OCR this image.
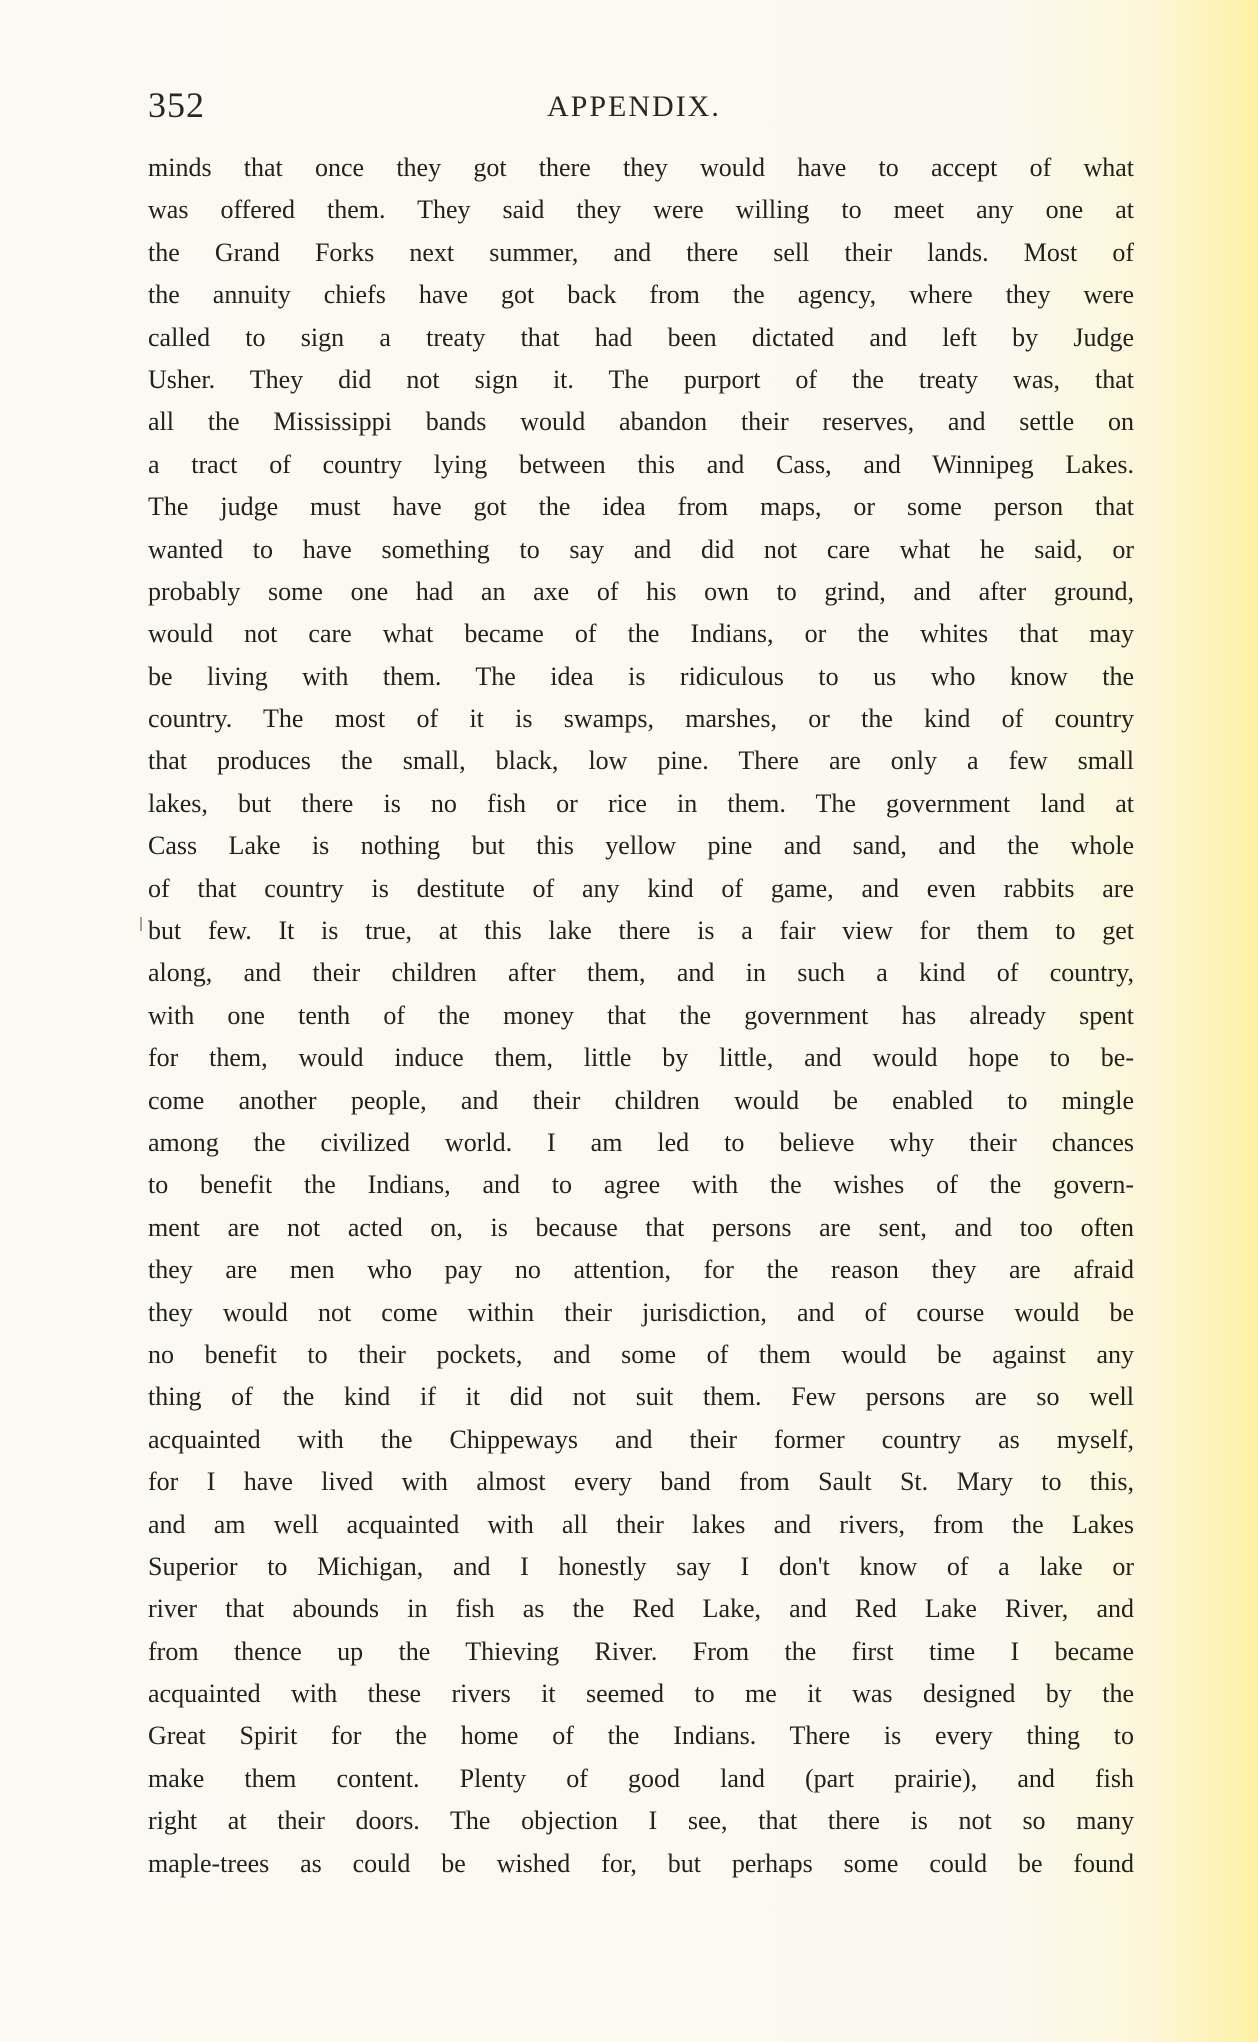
352	APPENDIX.
minds that once they got there they would have to accept of what
was offered them. They said they were willing to meet any one at
the Grand Forks next summer, and there sell their lands. Most of
the annuity chiefs have got back from the agency, where they were
called to sign a treaty that had been dictated and left by Judge
Usher. They did not sign it. The purport of the treaty was, that
all the Mississippi bands would abandon their reserves, and settle on
a tract of country lying between this and Cass, and Winnipeg Lakes.
The judge must have got the idea from maps, or some person that
wanted to have something to say and did not care what he said, or
probably some one had an axe of his own to grind, and after ground,
would not care what became of the Indians, or the whites that may
be living with them. The idea is ridiculous to us who know the
country. The most of it is swamps, marshes, or the kind of country
that produces the small, black, low pine. There are only a few small
lakes, but there is no fish or rice in them. The government land at
Cass Lake is nothing but this yellow pine and sand, and the whole
of that country is destitute of any kind of game, and even rabbits are
but few. It is true, at this lake there is a fair view for them to get
along, and their children after them, and in such a kind of country,
with one tenth of the money that the government has already spent
for them, would induce them, little by little, and would hope to be-
come another people, and their children would be enabled to mingle
among the civilized world. I am led to believe why their chances
to benefit the Indians, and to agree with the wishes of the govern-
ment are not acted on, is because that persons are sent, and too often
they are men who pay no attention, for the reason they are afraid
they would not come within their jurisdiction, and of course would be
no benefit to their pockets, and some of them would be against any
thing of the kind if it did not suit them. Few persons are so well
acquainted with the Chippeways and their former country as myself,
for I have lived with almost every band from Sault St. Mary to this,
and am well acquainted with all their lakes and rivers, from the Lakes
Superior to Michigan, and I honestly say I don't know of a lake or
river that abounds in fish as the Red Lake, and Red Lake River, and
from thence up the Thieving River. From the first time I became
acquainted with these rivers it seemed to me it was designed by the
Great Spirit for the home of the Indians. There is every thing to
make them content. Plenty of good land (part prairie), and fish
right at their doors. The objection I see, that there is not so many
maple-trees as could be wished for, but perhaps some could be found
